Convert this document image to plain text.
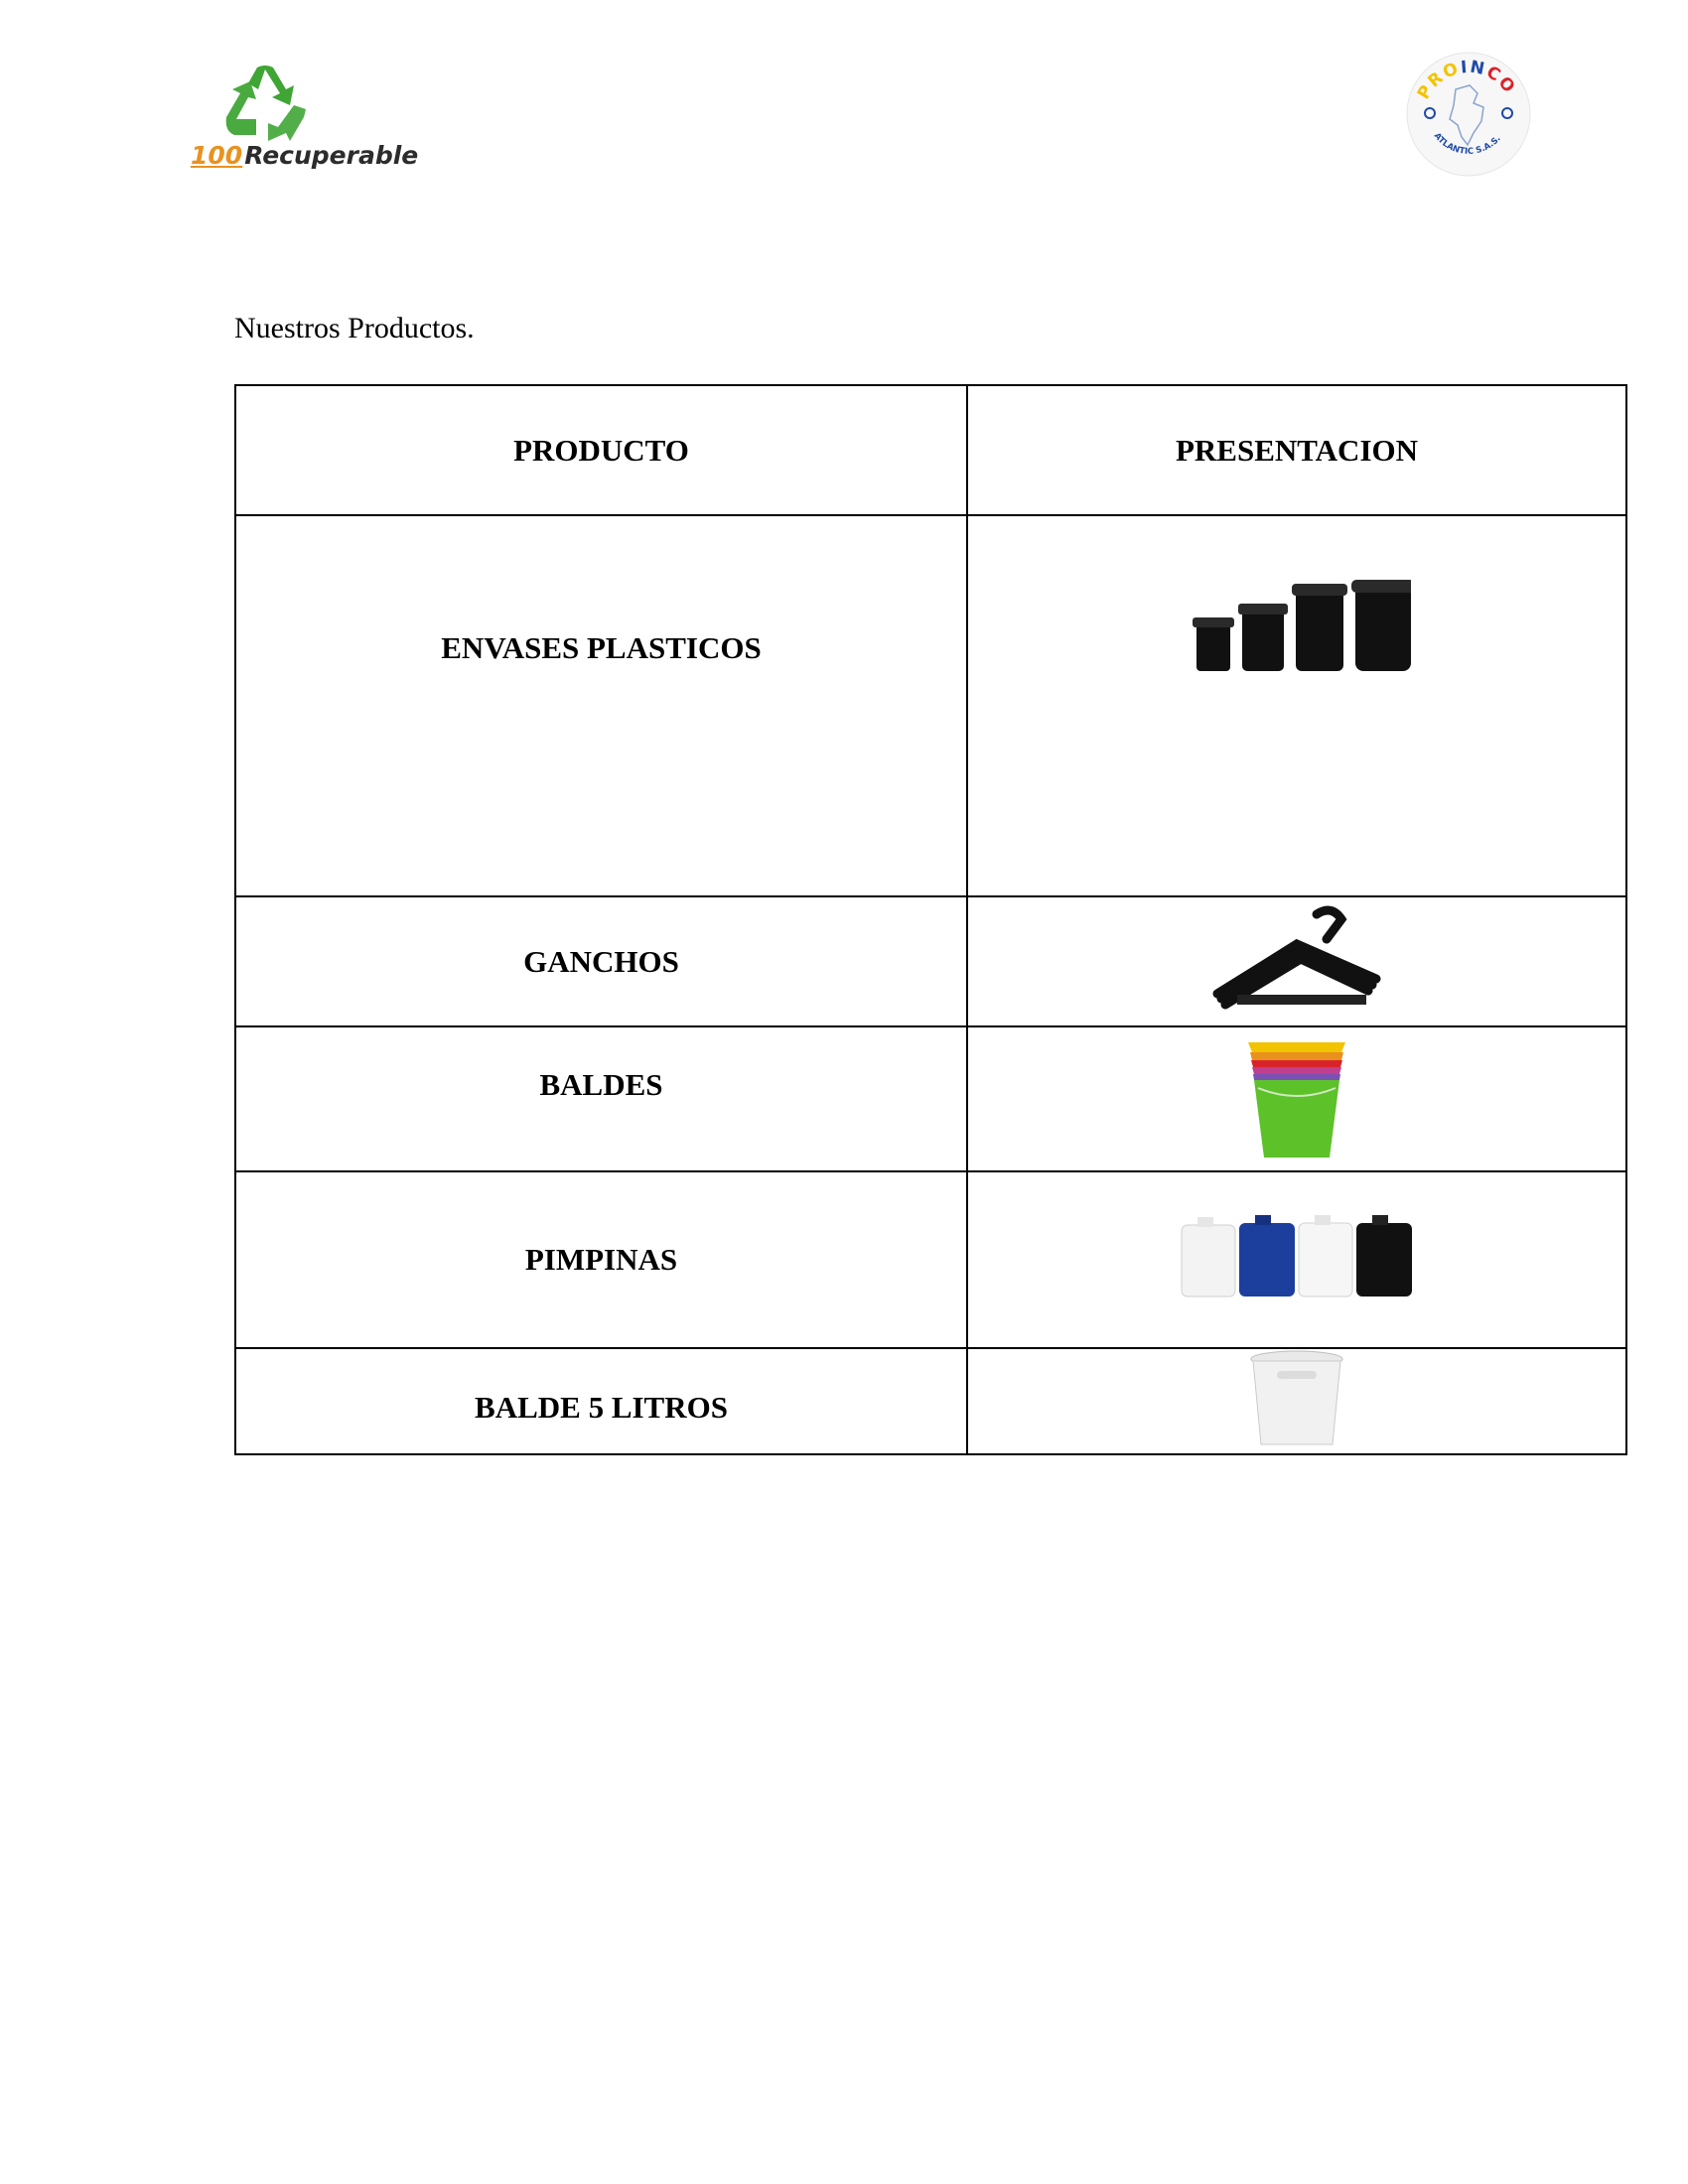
100Recuperable
PROINCO
ATLANTIC S.A.S.
Nuestros Productos.
PRODUCTO	PRESENTACION

ENVASES PLASTICOS

GANCHOS	

BALDES

PIMPINAS	

BALDE 5 LITROS
